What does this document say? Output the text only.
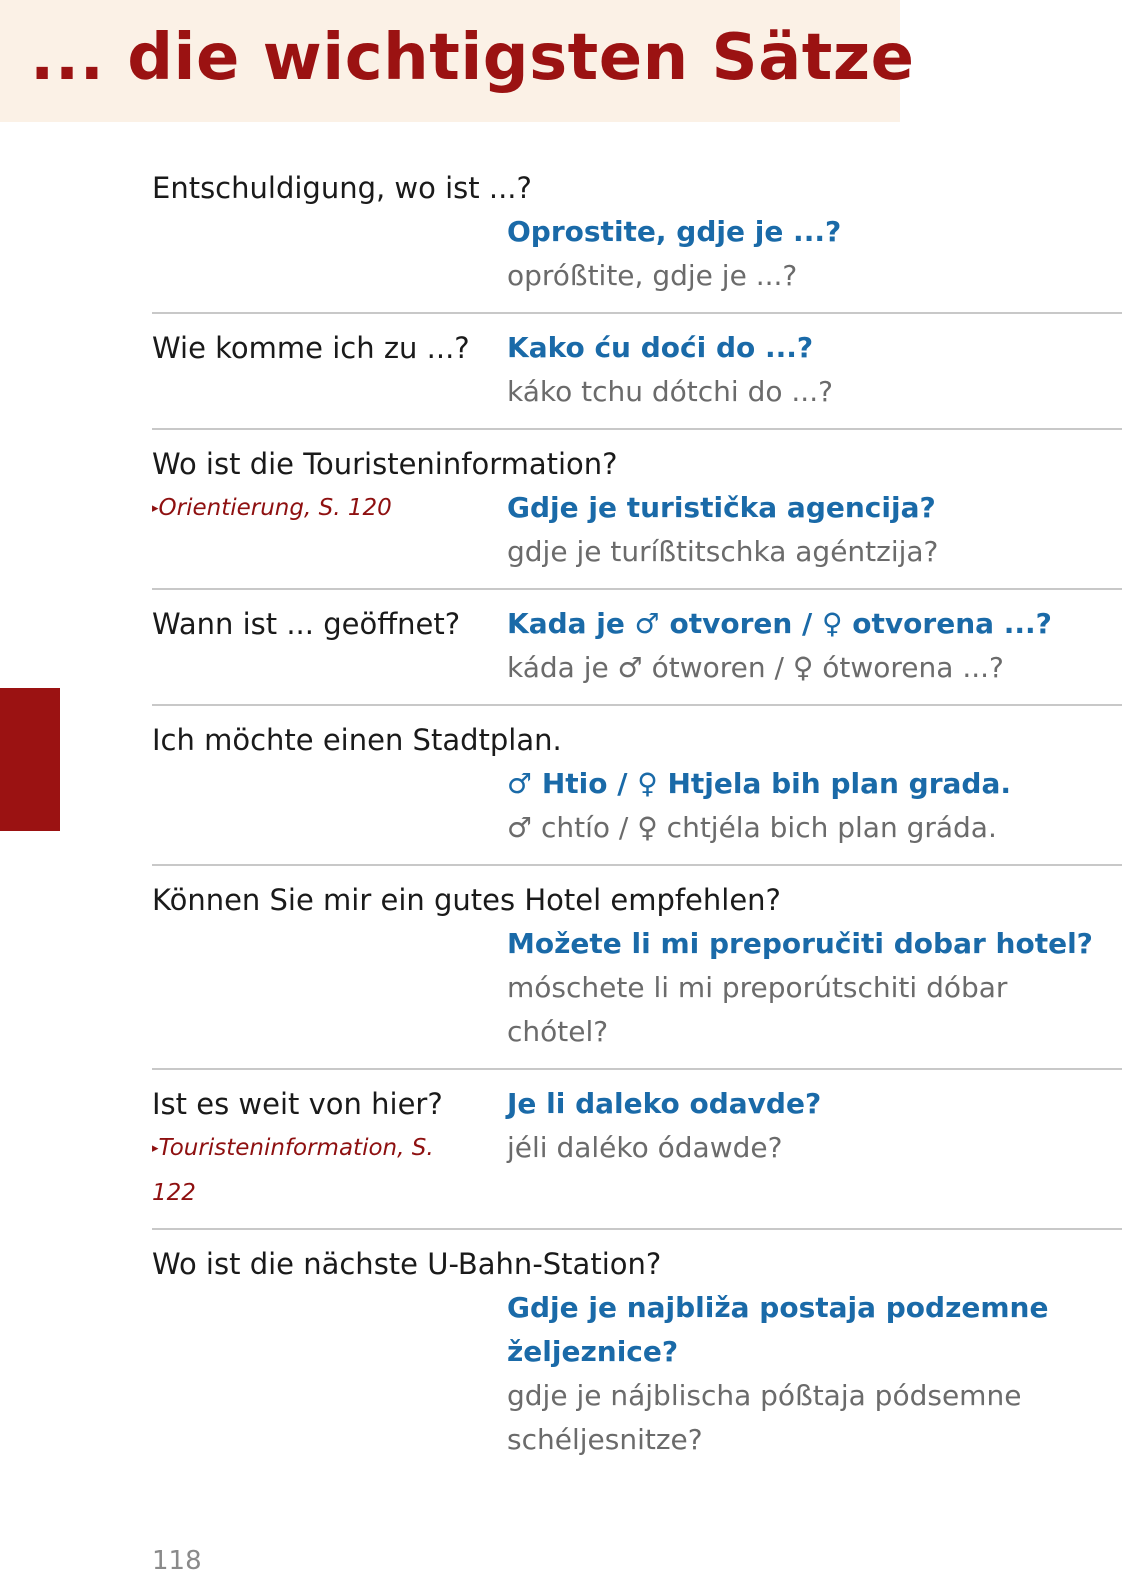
... die wichtigsten Sätze
Entschuldigung, wo ist ...?
Oprostite, gdje je ...?
opróßtite, gdje je ...?
Wie komme ich zu ...? Kako ću doći do ...?
káko tchu dótchi do ...?
Wo ist die Touristeninformation?
▸Orientierung, S. 120	Gdje je turistička agencija?
gdje je turíßtitschka agéntzija?
Wann ist ... geöffnet? Kada je ♂ otvoren / ♀ otvorena ...?
káda je ♂ ótworen / ♀ ótworena ...?
Ich möchte einen Stadtplan.
♂ Htio / ♀ Htjela bih plan grada.
♂ chtío / ♀ chtjéla bich plan gráda.
Können Sie mir ein gutes Hotel empfehlen?
Možete li mi preporučiti dobar hotel?
móschete li mi preporútschiti dóbar chótel?
Ist es weit von hier?
▸Touristeninformation, S. 122
Je li daleko odavde?
jéli daléko ódawde?
Wo ist die nächste U-Bahn-Station?
Gdje je najbliža postaja podzemne željeznice?
gdje je nájblischa póßtaja pódsemne schéljesnitze?
118
